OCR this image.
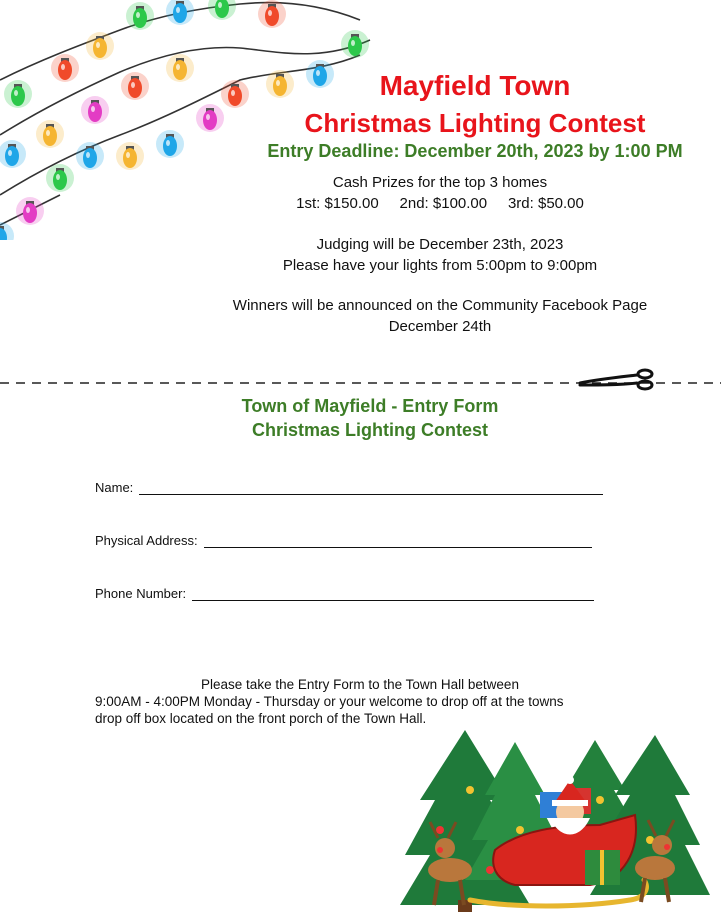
Mayfield Town
Christmas Lighting Contest
Entry Deadline: December 20th, 2023 by 1:00 PM
Cash Prizes for the top 3 homes
1st: $150.00 2nd: $100.00 3rd: $50.00
Judging will be December 23th, 2023
Please have your lights from 5:00pm to 9:00pm
Winners will be announced on the Community Facebook Page
December 24th
Town of Mayfield - Entry Form
Christmas Lighting Contest
Name:
Physical Address:
Phone Number:
Please take the Entry Form to the Town Hall between
9:00AM - 4:00PM Monday - Thursday or your welcome to drop off at the towns
drop off box located on the front porch of the Town Hall.
